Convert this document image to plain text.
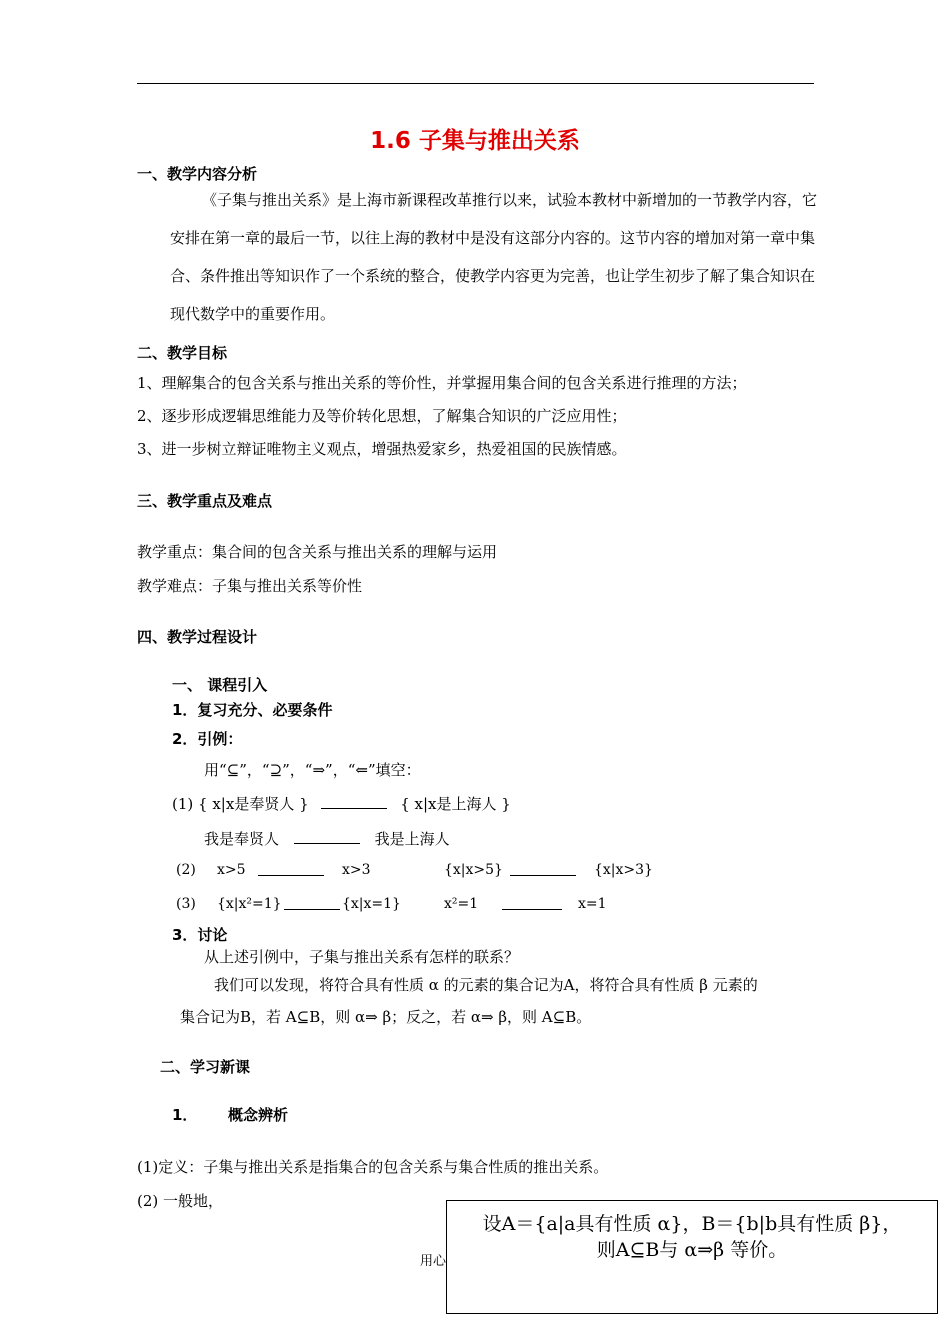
1.6 子集与推出关系
一、教学内容分析
《子集与推出关系》是上海市新课程改革推行以来，试验本教材中新增加的一节教学内容，它安排在第一章的最后一节，以往上海的教材中是没有这部分内容的。这节内容的增加对第一章中集合、条件推出等知识作了一个系统的整合，使教学内容更为完善，也让学生初步了解了集合知识在现代数学中的重要作用。
二、教学目标
1、理解集合的包含关系与推出关系的等价性，并掌握用集合间的包含关系进行推理的方法；
2、逐步形成逻辑思维能力及等价转化思想，了解集合知识的广泛应用性；
3、进一步树立辩证唯物主义观点，增强热爱家乡，热爱祖国的民族情感。
三、教学重点及难点
教学重点：集合间的包含关系与推出关系的理解与运用
教学难点：子集与推出关系等价性
四、教学过程设计
一、 课程引入
1．复习充分、必要条件
2．引例：
用“⊆”，“⊇”，“⇒”，“⇐”填空：
(1) { x|x是奉贤人 }	{ x|x是上海人 }
我是奉贤人	我是上海人
(2) x>5	x>3	{x|x>5}	{x|x>3}
(3) {x|x²=1}	{x|x=1}	x²=1	x=1
3．讨论
从上述引例中，子集与推出关系有怎样的联系？
我们可以发现，将符合具有性质 α 的元素的集合记为A，将符合具有性质 β 元素的
集合记为B，若 A⊆B，则 α⇒ β；反之，若 α⇒ β，则 A⊆B。
二、学习新课
1． 概念辨析
(1)定义：子集与推出关系是指集合的包含关系与集合性质的推出关系。
(2) 一般地，
用心
设A＝{a|a具有性质 α}，B＝{b|b具有性质 β}，
则A⊆B与 α⇒β 等价。
